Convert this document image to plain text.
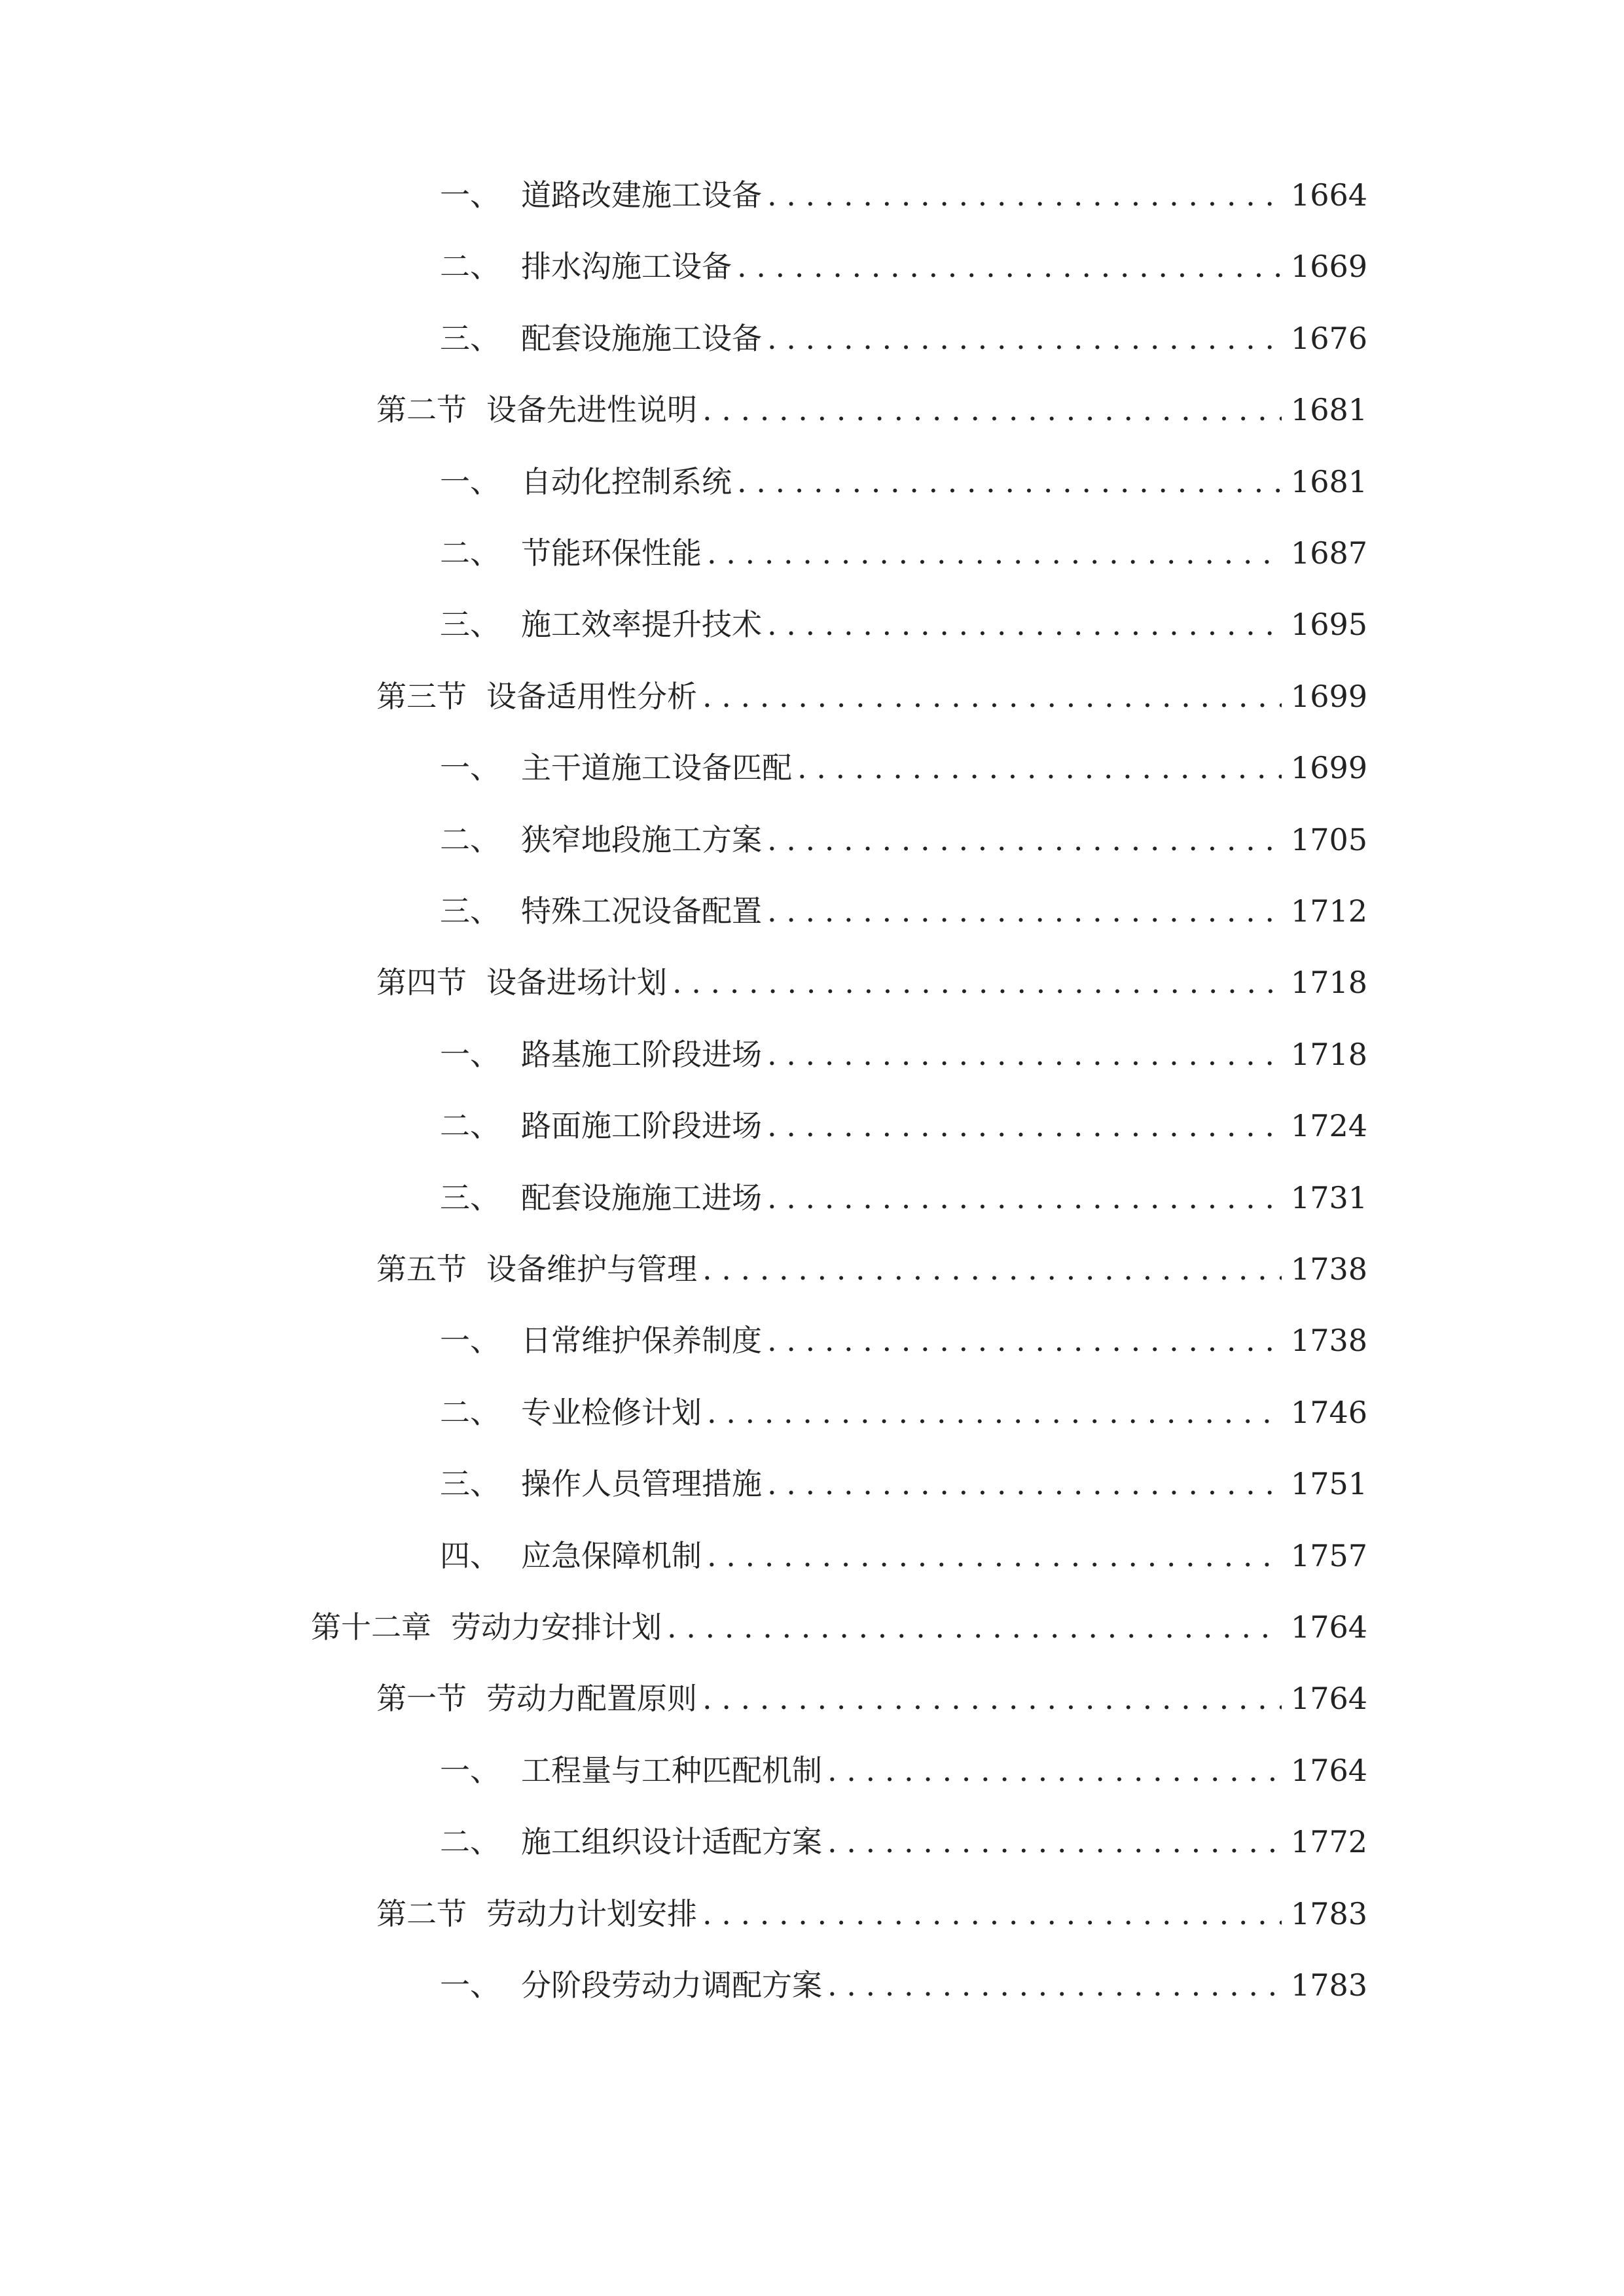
一、 道路改建施工设备 . . .	1664
二、 排水沟施工设备 . . .	1669
三、 配套设施施工设备 . . .	1676
第二节 设备先进性说明 . . .	1681
一、 自动化控制系统 . . .	1681
二、 节能环保性能 . . .	1687
三、 施工效率提升技术 . . .	1695
第三节 设备适用性分析 . . .	1699
一、 主干道施工设备匹配 . . .	1699
二、 狭窄地段施工方案 . . .	1705
三、 特殊工况设备配置 . . .	1712
第四节 设备进场计划 . . .	1718
一、 路基施工阶段进场 . . .	1718
二、 路面施工阶段进场 . . .	1724
三、 配套设施施工进场 . . .	1731
第五节 设备维护与管理 . . .	1738
一、 日常维护保养制度 . . .	1738
二、 专业检修计划 . . .	1746
三、 操作人员管理措施 . . .	1751
四、 应急保障机制 . . .	1757
第十二章 劳动力安排计划 . . .	1764
第一节 劳动力配置原则 . . .	1764
一、 工程量与工种匹配机制 . . .	1764
二、 施工组织设计适配方案 . . .	1772
第二节 劳动力计划安排 . . .	1783
一、 分阶段劳动力调配方案 . . .	1783
